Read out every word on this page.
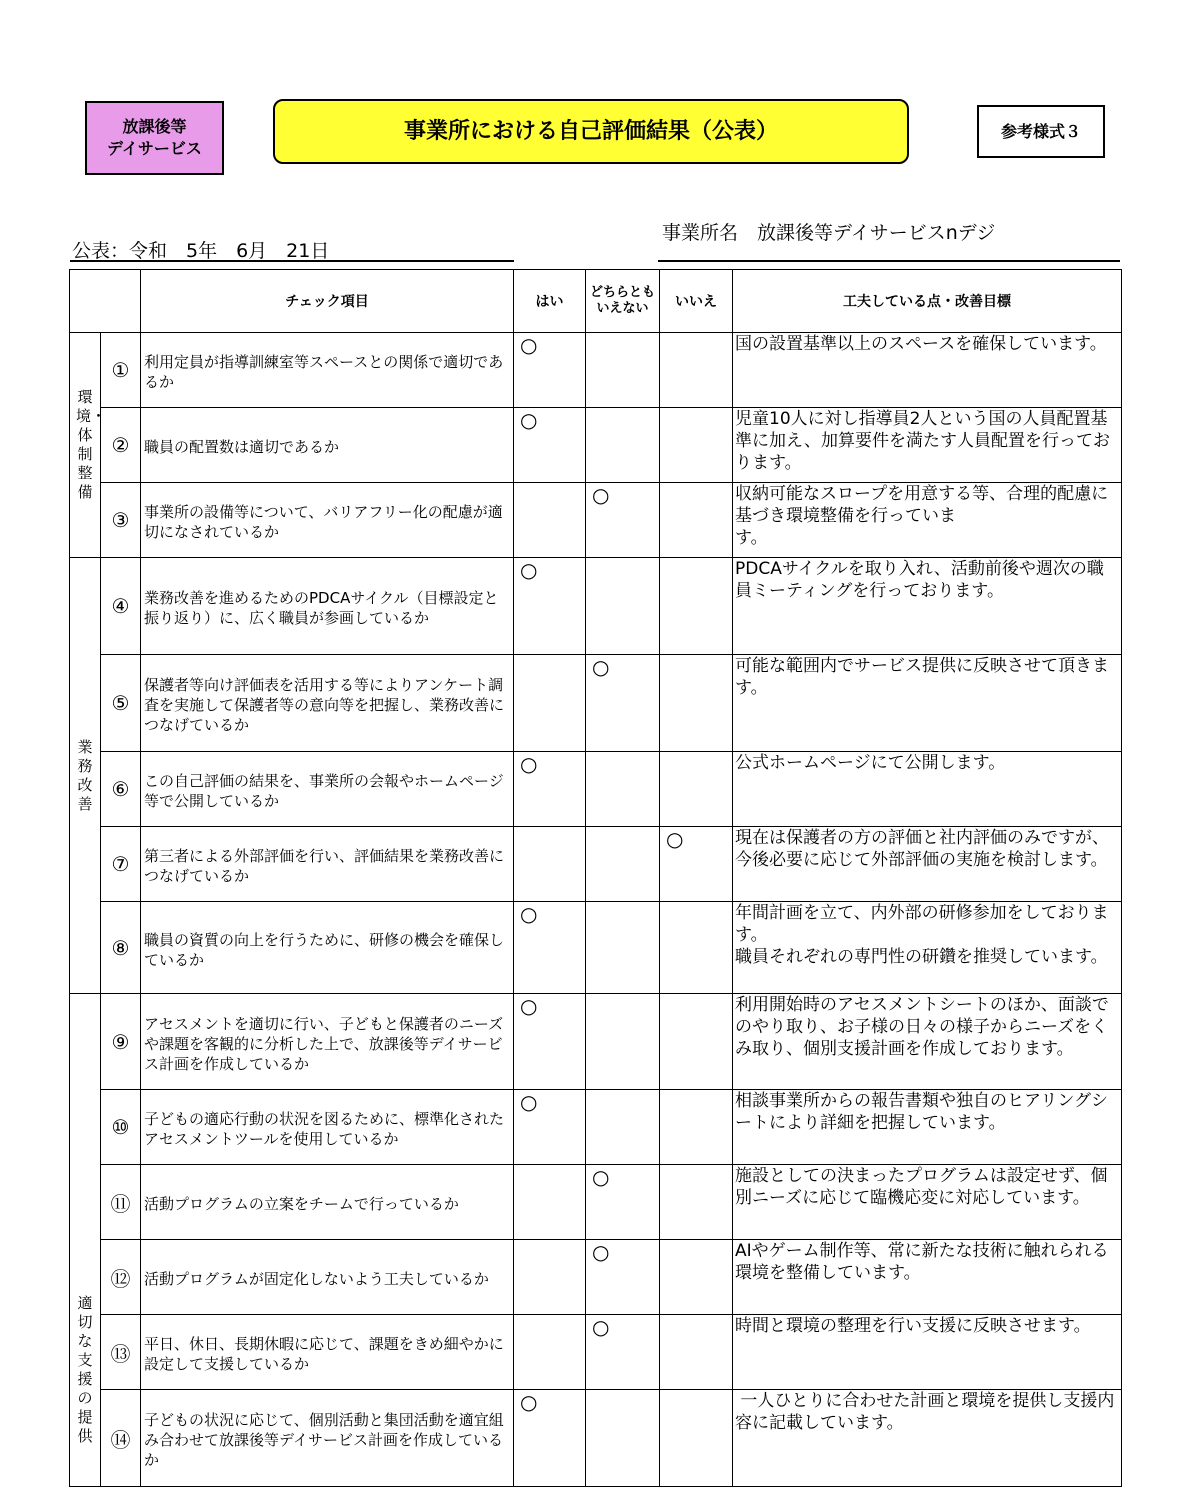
放課後等
デイサービス
事業所における自己評価結果（公表）	参考様式３
公表：令和　5年　6月　21日
事業所名　 放課後等デイサービスnデジ
		チェック項目	はい	どちらとも
いえない	いいえ	工夫している点・改善目標
環境・体制整備	①	利用定員が指導訓練室等スペースとの関係で適切であるか	○			国の設置基準以上のスペースを確保しています。
	②	職員の配置数は適切であるか	○			児童10人に対し指導員2人という国の人員配置基準に加え、加算要件を満たす人員配置を行っております。
	③	事業所の設備等について、バリアフリー化の配慮が適切になされているか		○		収納可能なスロープを用意する等、合理的配慮に基づき環境整備を行っていま
す。
業務改善	④	業務改善を進めるためのPDCAサイクル（目標設定と振り返り）に、広く職員が参画しているか	○			PDCAサイクルを取り入れ、活動前後や週次の職員ミーティングを行っております。
	⑤	保護者等向け評価表を活用する等によりアンケート調査を実施して保護者等の意向等を把握し、業務改善につなげているか		○		可能な範囲内でサービス提供に反映させて頂きます。
	⑥	この自己評価の結果を、事業所の会報やホームページ等で公開しているか	○			公式ホームページにて公開します。
	⑦	第三者による外部評価を行い、評価結果を業務改善につなげているか			○	現在は保護者の方の評価と社内評価のみですが、今後必要に応じて外部評価の実施を検討します。
	⑧	職員の資質の向上を行うために、研修の機会を確保しているか	○			年間計画を立て、内外部の研修参加をしております。
職員それぞれの専門性の研鑽を推奨しています。
適切な支援の提供	⑨	アセスメントを適切に行い、子どもと保護者のニーズや課題を客観的に分析した上で、放課後等デイサービス計画を作成しているか	○			利用開始時のアセスメントシートのほか、面談でのやり取り、お子様の日々の様子からニーズをくみ取り、個別支援計画を作成しております。
	⑩	子どもの適応行動の状況を図るために、標準化されたアセスメントツールを使用しているか	○			相談事業所からの報告書類や独自のヒアリングシートにより詳細を把握しています。
	⑪	活動プログラムの立案をチームで行っているか		○		施設としての決まったプログラムは設定せず、個別ニーズに応じて臨機応変に対応しています。
	⑫	活動プログラムが固定化しないよう工夫しているか		○		AIやゲーム制作等、常に新たな技術に触れられる環境を整備しています。
	⑬	平日、休日、長期休暇に応じて、課題をきめ細やかに設定して支援しているか		○		時間と環境の整理を行い支援に反映させます。
	⑭	子どもの状況に応じて、個別活動と集団活動を適宜組み合わせて放課後等デイサービス計画を作成しているか	○			一人ひとりに合わせた計画と環境を提供し支援内容に記載しています。
